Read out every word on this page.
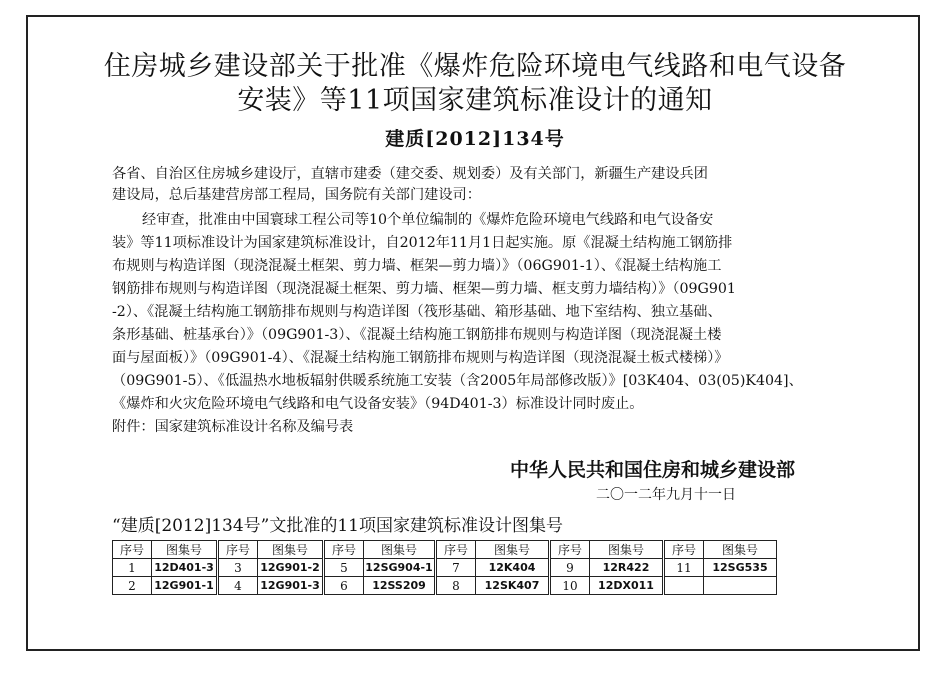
住房城乡建设部关于批准《爆炸危险环境电气线路和电气设备
安装》等11项国家建筑标准设计的通知
建质[2012]134号
各省、自治区住房城乡建设厅，直辖市建委（建交委、规划委）及有关部门，新疆生产建设兵团
建设局，总后基建营房部工程局，国务院有关部门建设司：
经审查，批准由中国寰球工程公司等10个单位编制的《爆炸危险环境电气线路和电气设备安
装》等11项标准设计为国家建筑标准设计，自2012年11月1日起实施。原《混凝土结构施工钢筋排
布规则与构造详图（现浇混凝土框架、剪力墙、框架—剪力墙）》（06G901-1）、《混凝土结构施工
钢筋排布规则与构造详图（现浇混凝土框架、剪力墙、框架—剪力墙、框支剪力墙结构）》（09G901
-2）、《混凝土结构施工钢筋排布规则与构造详图（筏形基础、箱形基础、地下室结构、独立基础、
条形基础、桩基承台）》（09G901-3）、《混凝土结构施工钢筋排布规则与构造详图（现浇混凝土楼
面与屋面板）》（09G901-4）、《混凝土结构施工钢筋排布规则与构造详图（现浇混凝土板式楼梯）》
（09G901-5）、《低温热水地板辐射供暖系统施工安装（含2005年局部修改版）》[03K404、03(05)K404]、
《爆炸和火灾危险环境电气线路和电气设备安装》（94D401-3）标准设计同时废止。
附件：国家建筑标准设计名称及编号表
中华人民共和国住房和城乡建设部
二〇一二年九月十一日
“建质[2012]134号”文批准的11项国家建筑标准设计图集号
序号	图集号	序号	图集号	序号	图集号	序号	图集号	序号	图集号	序号	图集号
1	12D401-3	3	12G901-2	5	12SG904-1	7	12K404	9	12R422	11	12SG535
2	12G901-1	4	12G901-3	6	12SS209	8	12SK407	10	12DX011		
